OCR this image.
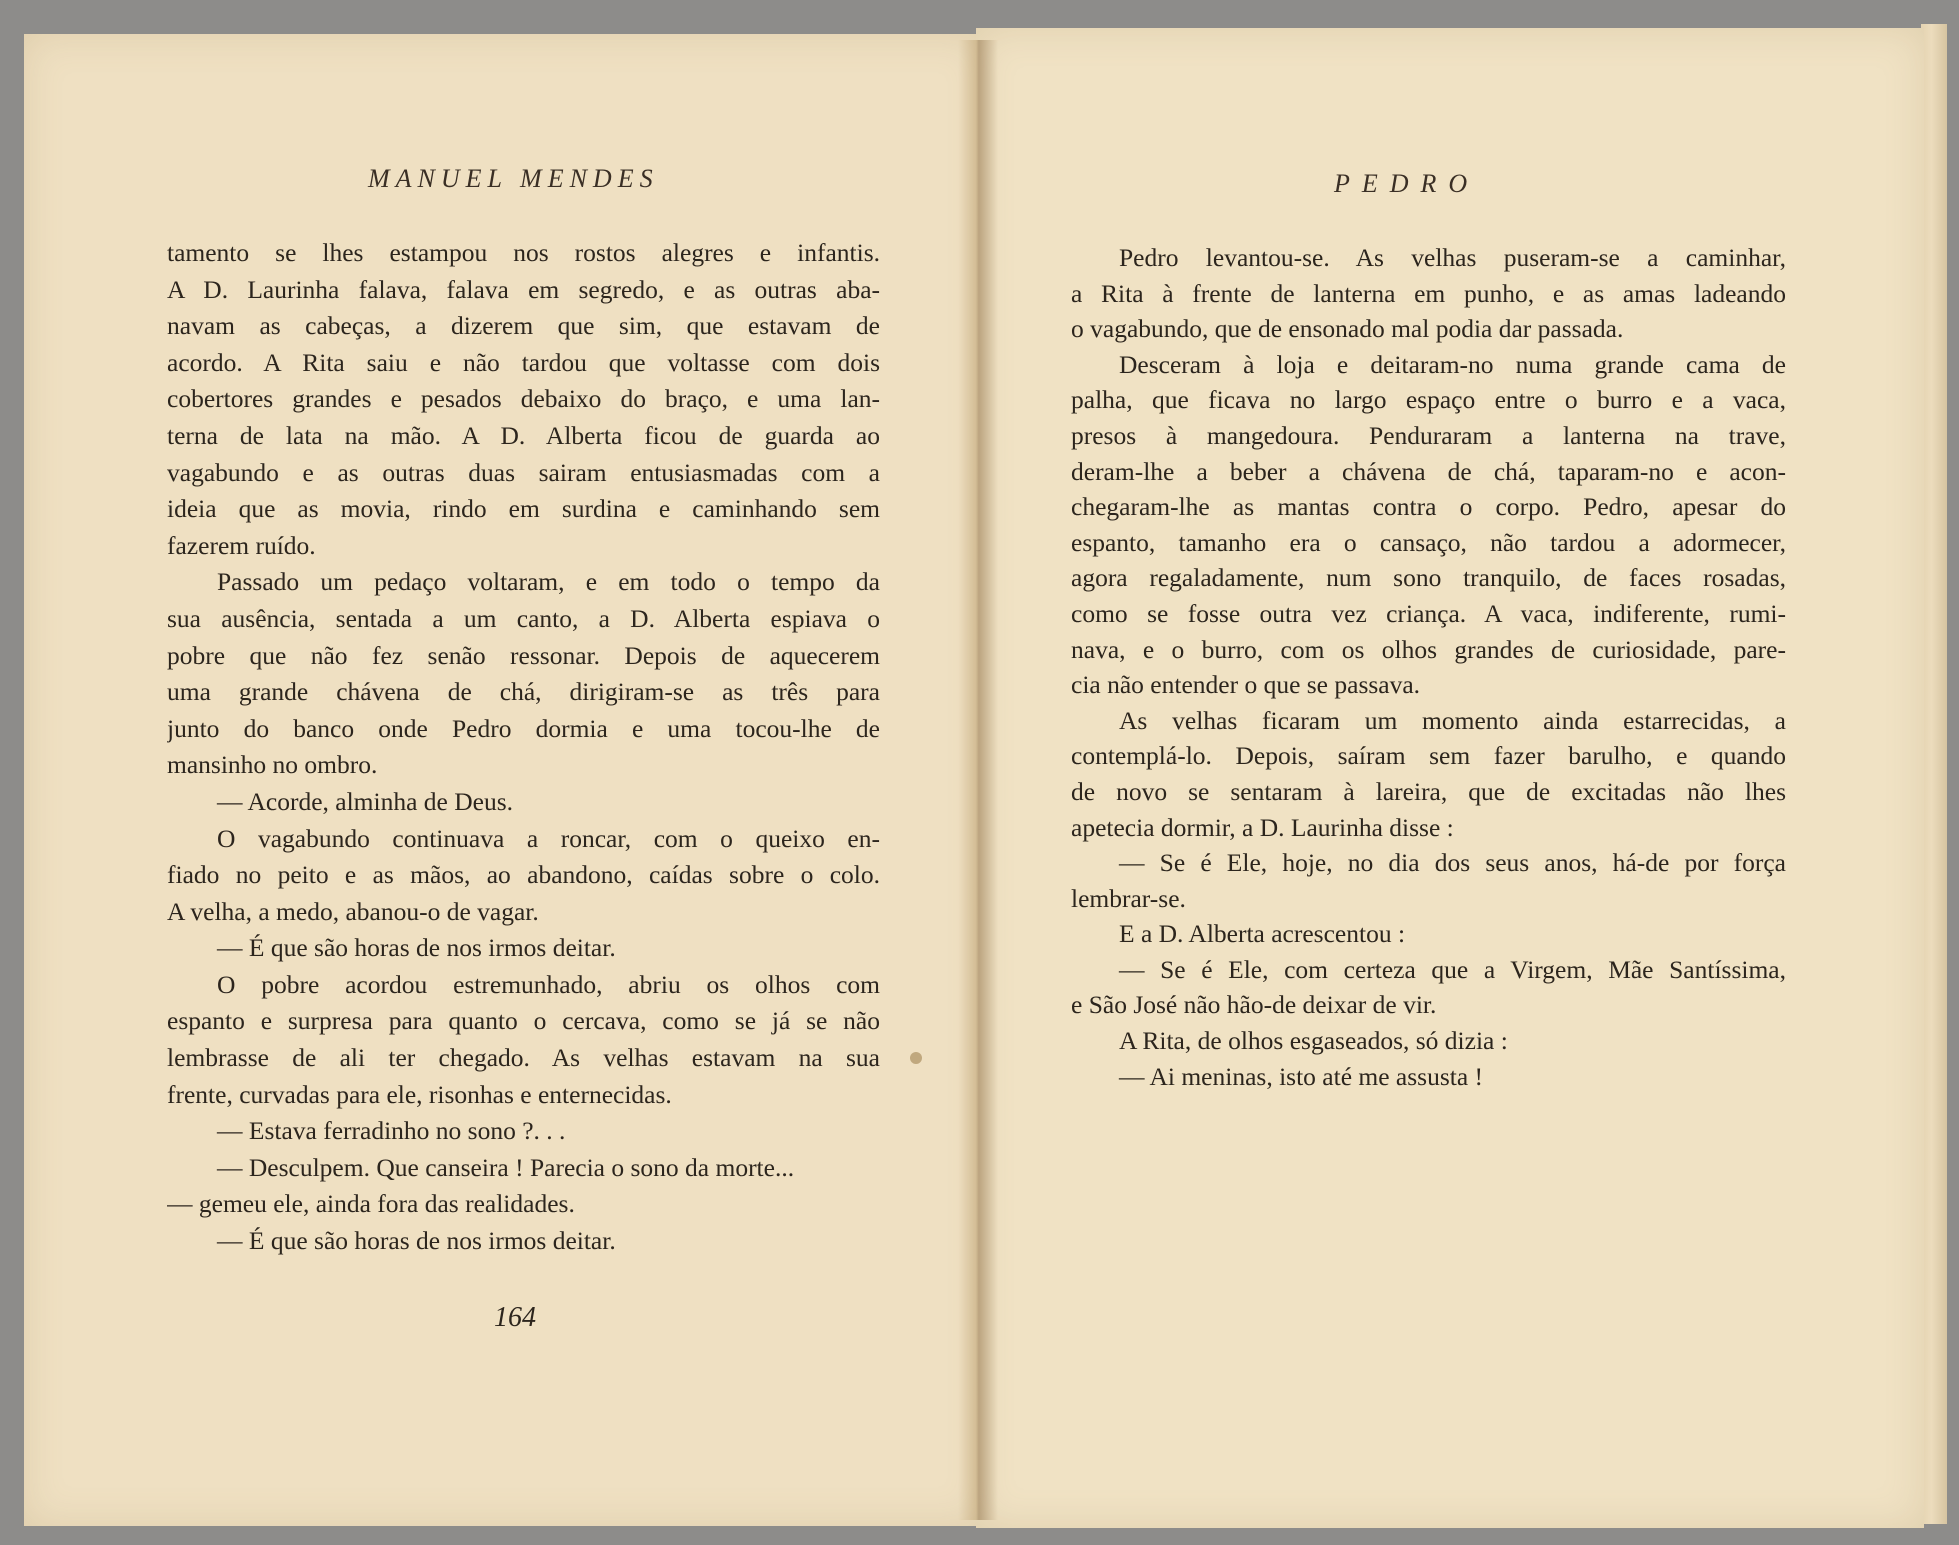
MANUEL MENDES	PEDRO

tamento se lhes estampou nos rostos alegres e infantis.

A D. Laurinha falava, falava em segredo, e as outras aba-

navam as cabeças, a dizerem que sim, que estavam de

acordo. A Rita saiu e não tardou que voltasse com dois

cobertores grandes e pesados debaixo do braço, e uma lan-

terna de lata na mão. A D. Alberta ficou de guarda ao

vagabundo e as outras duas sairam entusiasmadas com a

ideia que as movia, rindo em surdina e caminhando sem

fazerem ruído.

Passado um pedaço voltaram, e em todo o tempo da

sua ausência, sentada a um canto, a D. Alberta espiava o

pobre que não fez senão ressonar. Depois de aquecerem

uma grande chávena de chá, dirigiram-se as três para

junto do banco onde Pedro dormia e uma tocou-lhe de

mansinho no ombro.

— Acorde, alminha de Deus.

O vagabundo continuava a roncar, com o queixo en-

fiado no peito e as mãos, ao abandono, caídas sobre o colo.

A velha, a medo, abanou-o de vagar.

— É que são horas de nos irmos deitar.

O pobre acordou estremunhado, abriu os olhos com

espanto e surpresa para quanto o cercava, como se já se não

lembrasse de ali ter chegado. As velhas estavam na sua

frente, curvadas para ele, risonhas e enternecidas.

— Estava ferradinho no sono ?. . .

— Desculpem. Que canseira ! Parecia o sono da morte...

— gemeu ele, ainda fora das realidades.

— É que são horas de nos irmos deitar.

164

Pedro levantou-se. As velhas puseram-se a caminhar,

a Rita à frente de lanterna em punho, e as amas ladeando

o vagabundo, que de ensonado mal podia dar passada.

Desceram à loja e deitaram-no numa grande cama de

palha, que ficava no largo espaço entre o burro e a vaca,

presos à mangedoura. Penduraram a lanterna na trave,

deram-lhe a beber a chávena de chá, taparam-no e acon-

chegaram-lhe as mantas contra o corpo. Pedro, apesar do

espanto, tamanho era o cansaço, não tardou a adormecer,

agora regaladamente, num sono tranquilo, de faces rosadas,

como se fosse outra vez criança. A vaca, indiferente, rumi-

nava, e o burro, com os olhos grandes de curiosidade, pare-

cia não entender o que se passava.

As velhas ficaram um momento ainda estarrecidas, a

contemplá-lo. Depois, saíram sem fazer barulho, e quando

de novo se sentaram à lareira, que de excitadas não lhes

apetecia dormir, a D. Laurinha disse :

— Se é Ele, hoje, no dia dos seus anos, há-de por força

lembrar-se.

E a D. Alberta acrescentou :

— Se é Ele, com certeza que a Virgem, Mãe Santíssima,

e São José não hão-de deixar de vir.

A Rita, de olhos esgaseados, só dizia :

— Ai meninas, isto até me assusta !
